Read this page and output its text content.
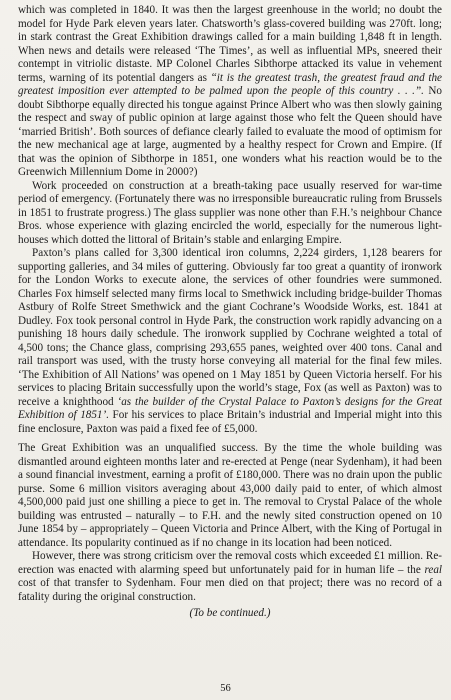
which was completed in 1840. It was then the largest greenhouse in the world; no doubt the model for Hyde Park eleven years later. Chatsworth’s glass-covered building was 270ft. long; in stark contrast the Great Exhibition drawings called for a main building 1,848 ft in length. When news and details were released ‘The Times’, as well as influential MPs, sneered their contempt in vitriolic distaste. MP Colonel Charles Sibthorpe attacked its value in vehement terms, warning of its potential dangers as “it is the greatest trash, the greatest fraud and the greatest imposition ever attempted to be palmed upon the people of this country . . .”. No doubt Sibthorpe equally directed his tongue against Prince Albert who was then slowly gaining the respect and sway of public opinion at large against those who felt the Queen should have ‘married British’. Both sources of defiance clearly failed to evaluate the mood of optimism for the new mechanical age at large, augmented by a healthy respect for Crown and Empire. (If that was the opinion of Sibthorpe in 1851, one wonders what his reaction would be to the Greenwich Millennium Dome in 2000?)

Work proceeded on construction at a breath-taking pace usually reserved for war-time period of emergency. (Fortunately there was no irresponsible bureaucratic ruling from Brussels in 1851 to frustrate progress.) The glass supplier was none other than F.H.’s neighbour Chance Bros. whose experience with glazing encircled the world, especially for the numerous light-houses which dotted the littoral of Britain’s stable and enlarging Empire.

Paxton’s plans called for 3,300 identical iron columns, 2,224 girders, 1,128 bearers for supporting galleries, and 34 miles of guttering. Obviously far too great a quantity of ironwork for the London Works to execute alone, the services of other foundries were summoned. Charles Fox himself selected many firms local to Smethwick including bridge-builder Thomas Astbury of Rolfe Street Smethwick and the giant Cochrane’s Woodside Works, est. 1841 at Dudley. Fox took personal control in Hyde Park, the construction work rapidly advancing on a punishing 18 hours daily schedule. The ironwork supplied by Cochrane weighted a total of 4,500 tons; the Chance glass, comprising 293,655 panes, weighted over 400 tons. Canal and rail transport was used, with the trusty horse conveying all material for the final few miles. ‘The Exhibition of All Nations’ was opened on 1 May 1851 by Queen Victoria herself. For his services to placing Britain successfully upon the world’s stage, Fox (as well as Paxton) was to receive a knighthood ‘as the builder of the Crystal Palace to Paxton’s designs for the Great Exhibition of 1851’. For his services to place Britain’s industrial and Imperial might into this fine enclosure, Paxton was paid a fixed fee of £5,000.

The Great Exhibition was an unqualified success. By the time the whole building was dismantled around eighteen months later and re-erected at Penge (near Sydenham), it had been a sound financial investment, earning a profit of £180,000. There was no drain upon the public purse. Some 6 million visitors averaging about 43,000 daily paid to enter, of which almost 4,500,000 paid just one shilling a piece to get in. The removal to Crystal Palace of the whole building was entrusted – naturally – to F.H. and the newly sited construction opened on 10 June 1854 by – appropriately – Queen Victoria and Prince Albert, with the King of Portugal in attendance. Its popularity continued as if no change in its location had been noticed.

However, there was strong criticism over the removal costs which exceeded £1 million. Re-erection was enacted with alarming speed but unfortunately paid for in human life – the real cost of that transfer to Sydenham. Four men died on that project; there was no record of a fatality during the original construction.

(To be continued.)

56
